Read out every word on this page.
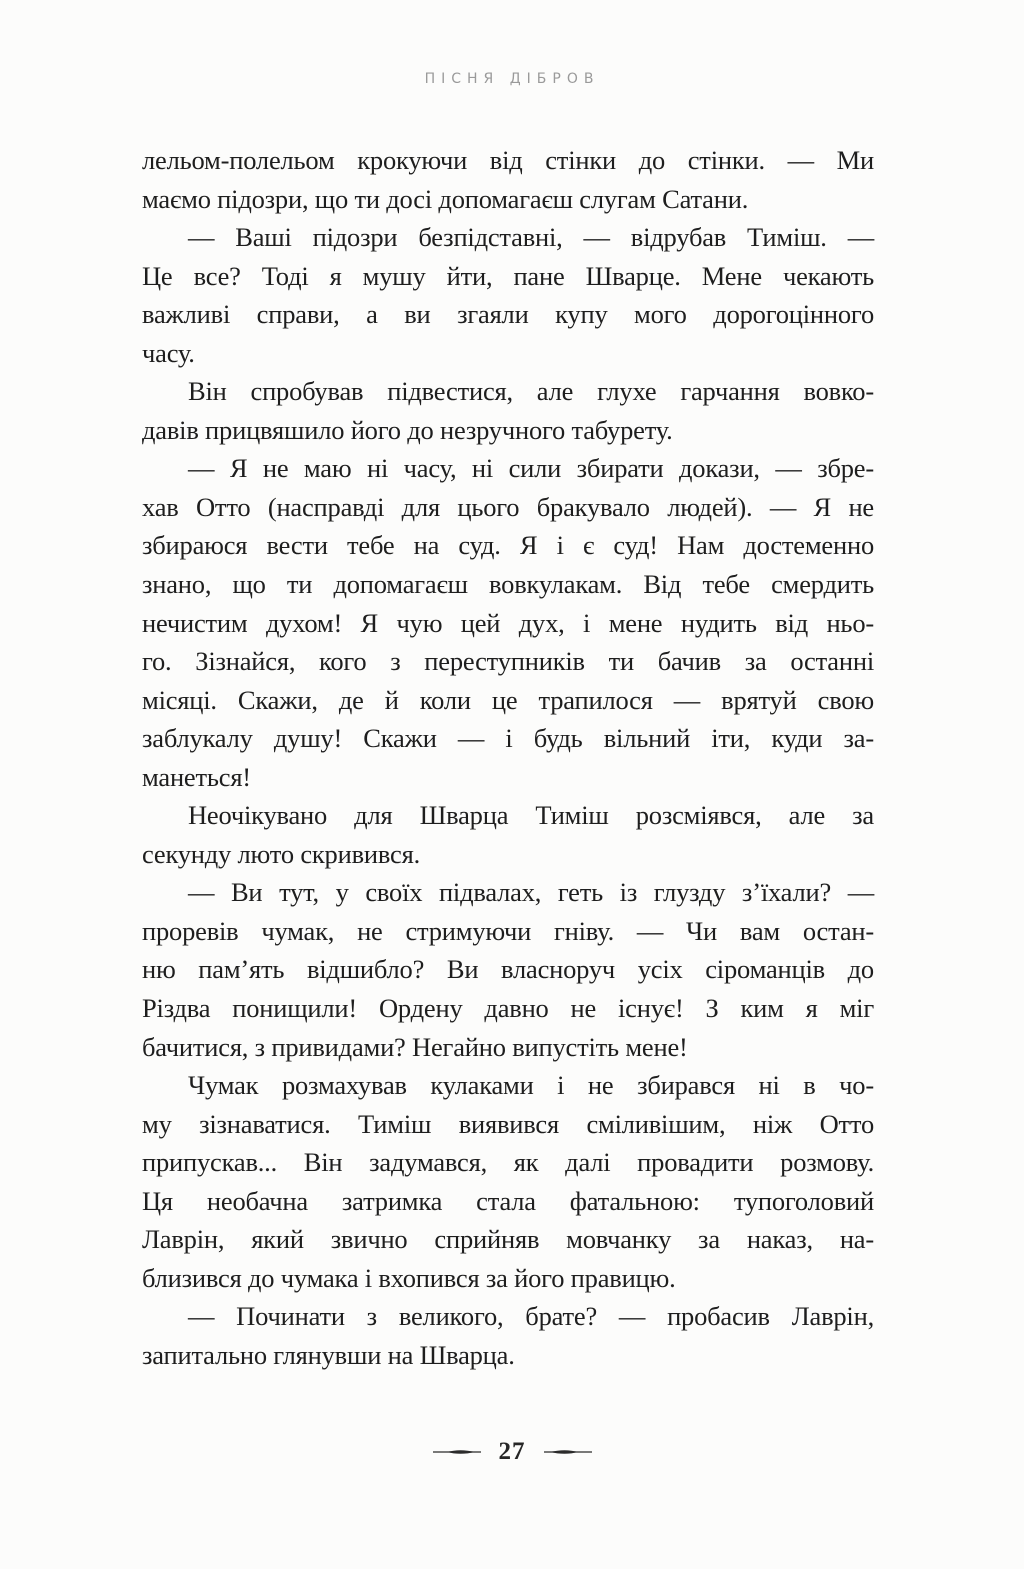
ПІСНЯ ДІБРОВ
лельом-полельом крокуючи від стінки до стінки. — Ми
маємо підозри, що ти досі допомагаєш слугам Сатани.
— Ваші підозри безпідставні, — відрубав Тиміш. —
Це все? Тоді я мушу йти, пане Шварце. Мене чекають
важливі справи, а ви згаяли купу мого дорогоцінного
часу.
Він спробував підвестися, але глухе гарчання вовко-
давів прицвяшило його до незручного табурету.
— Я не маю ні часу, ні сили збирати докази, — збре-
хав Отто (насправді для цього бракувало людей). — Я не
збираюся вести тебе на суд. Я і є суд! Нам достеменно
знано, що ти допомагаєш вовкулакам. Від тебе смердить
нечистим духом! Я чую цей дух, і мене нудить від ньо-
го. Зізнайся, кого з переступників ти бачив за останні
місяці. Скажи, де й коли це трапилося — врятуй свою
заблукалу душу! Скажи — і будь вільний іти, куди за-
манеться!
Неочікувано для Шварца Тиміш розсміявся, але за
секунду люто скривився.
— Ви тут, у своїх підвалах, геть із глузду з’їхали? —
проревів чумак, не стримуючи гніву. — Чи вам остан-
ню пам’ять відшибло? Ви власноруч усіх сіроманців до
Різдва понищили! Ордену давно не існує! З ким я міг
бачитися, з привидами? Негайно випустіть мене!
Чумак розмахував кулаками і не збирався ні в чо-
му зізнаватися. Тиміш виявився сміливішим, ніж Отто
припускав... Він задумався, як далі провадити розмову.
Ця необачна затримка стала фатальною: тупоголовий
Лаврін, який звично сприйняв мовчанку за наказ, на-
близився до чумака і вхопився за його правицю.
— Починати з великого, брате? — пробасив Лаврін,
запитально глянувши на Шварца.
27
